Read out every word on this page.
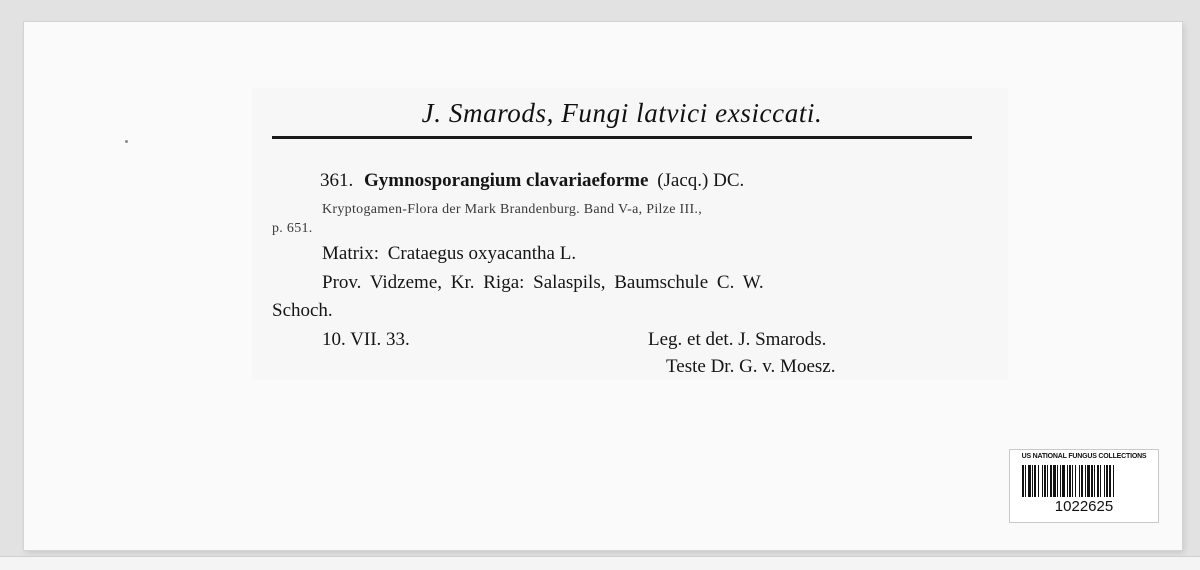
J. Smarods, Fungi latvici exsiccati.
361. Gymnosporangium clavariaeforme (Jacq.) DC.
Kryptogamen-Flora der Mark Brandenburg. Band V-a, Pilze III.,
p. 651.
Matrix: Crataegus oxyacantha L.
Prov. Vidzeme, Kr. Riga: Salaspils, Baumschule C. W.
Schoch.
10. VII. 33.	Leg. et det. J. Smarods.
Teste Dr. G. v. Moesz.
US NATIONAL FUNGUS COLLECTIONS
1022625
